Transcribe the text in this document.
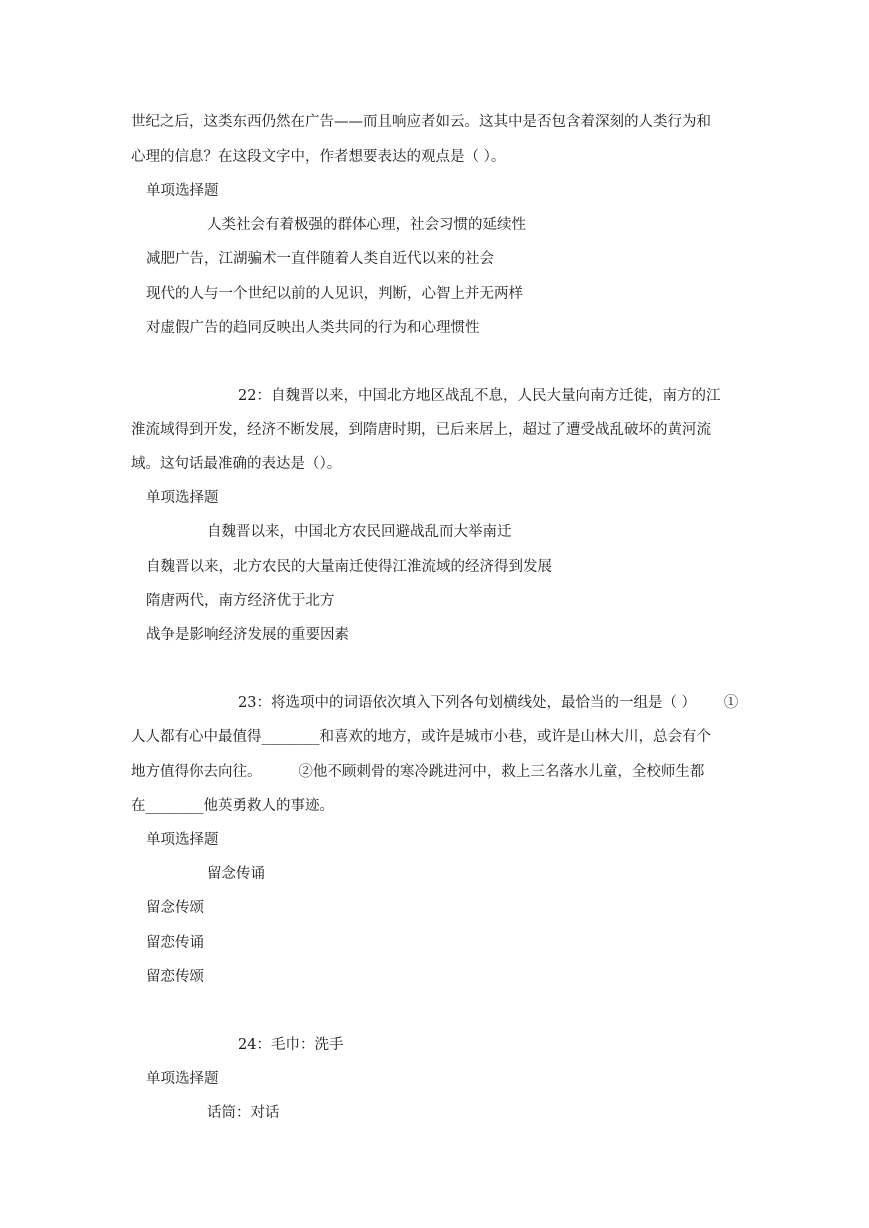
世纪之后，这类东西仍然在广告——而且响应者如云。这其中是否包含着深刻的人类行为和

心理的信息？在这段文字中，作者想要表达的观点是（ ）。

单项选择题

人类社会有着极强的群体心理，社会习惯的延续性

减肥广告，江湖骗术一直伴随着人类自近代以来的社会

现代的人与一个世纪以前的人见识，判断，心智上并无两样

对虚假广告的趋同反映出人类共同的行为和心理惯性

22：自魏晋以来，中国北方地区战乱不息，人民大量向南方迁徙，南方的江

淮流域得到开发，经济不断发展，到隋唐时期，已后来居上，超过了遭受战乱破坏的黄河流

域。这句话最准确的表达是（）。

单项选择题

自魏晋以来，中国北方农民回避战乱而大举南迁

自魏晋以来，北方农民的大量南迁使得江淮流域的经济得到发展

隋唐两代，南方经济优于北方

战争是影响经济发展的重要因素

23：将选项中的词语依次填入下列各句划横线处，最恰当的一组是（ ）      ①

人人都有心中最值得________和喜欢的地方，或许是城市小巷，或许是山林大川，总会有个

地方值得你去向往。        ②他不顾刺骨的寒冷跳进河中，救上三名落水儿童，全校师生都

在________他英勇救人的事迹。

单项选择题

留念传诵

留念传颂

留恋传诵

留恋传颂

24：毛巾：洗手

单项选择题

话筒：对话
